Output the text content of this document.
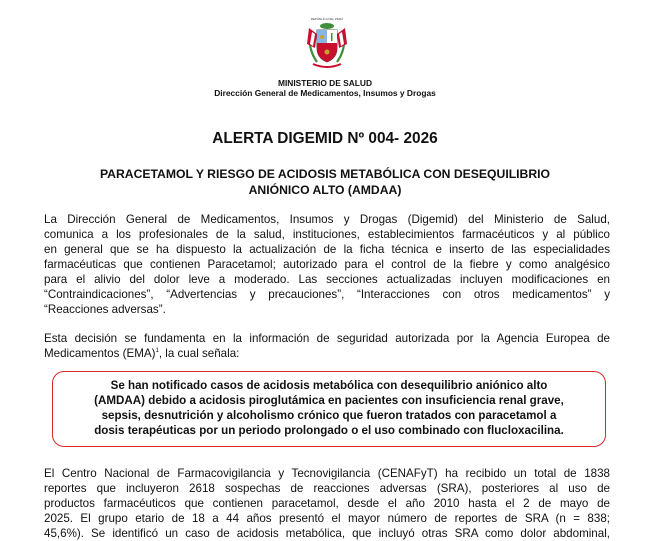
REPÚBLICA DEL PERÚ
MINISTERIO DE SALUD
Dirección General de Medicamentos, Insumos y Drogas
ALERTA DIGEMID Nº 004- 2026
PARACETAMOL Y RIESGO DE ACIDOSIS METABÓLICA CON DESEQUILIBRIO
ANIÓNICO ALTO (AMDAA)
La Dirección General de Medicamentos, Insumos y Drogas (Digemid) del Ministerio de Salud,
comunica a los profesionales de la salud, instituciones, establecimientos farmacéuticos y al público
en general que se ha dispuesto la actualización de la ficha técnica e inserto de las especialidades
farmacéuticas que contienen Paracetamol; autorizado para el control de la fiebre y como analgésico
para el alivio del dolor leve a moderado. Las secciones actualizadas incluyen modificaciones en
“Contraindicaciones”, “Advertencias y precauciones”, “Interacciones con otros medicamentos” y
“Reacciones adversas”.
Esta decisión se fundamenta en la información de seguridad autorizada por la Agencia Europea de
Medicamentos (EMA)$^1$, la cual señala:
Se han notificado casos de acidosis metabólica con desequilibrio aniónico alto
(AMDAA) debido a acidosis piroglutámica en pacientes con insuficiencia renal grave,
sepsis, desnutrición y alcoholismo crónico que fueron tratados con paracetamol a
dosis terapéuticas por un periodo prolongado o el uso combinado con flucloxacilina.
El Centro Nacional de Farmacovigilancia y Tecnovigilancia (CENAFyT) ha recibido un total de 1838
reportes que incluyeron 2618 sospechas de reacciones adversas (SRA), posteriores al uso de
productos farmacéuticos que contienen paracetamol, desde el año 2010 hasta el 2 de mayo de
2025. El grupo etario de 18 a 44 años presentó el mayor número de reportes de SRA (n = 838;
45,6%). Se identificó un caso de acidosis metabólica, que incluyó otras SRA como dolor abdominal,
